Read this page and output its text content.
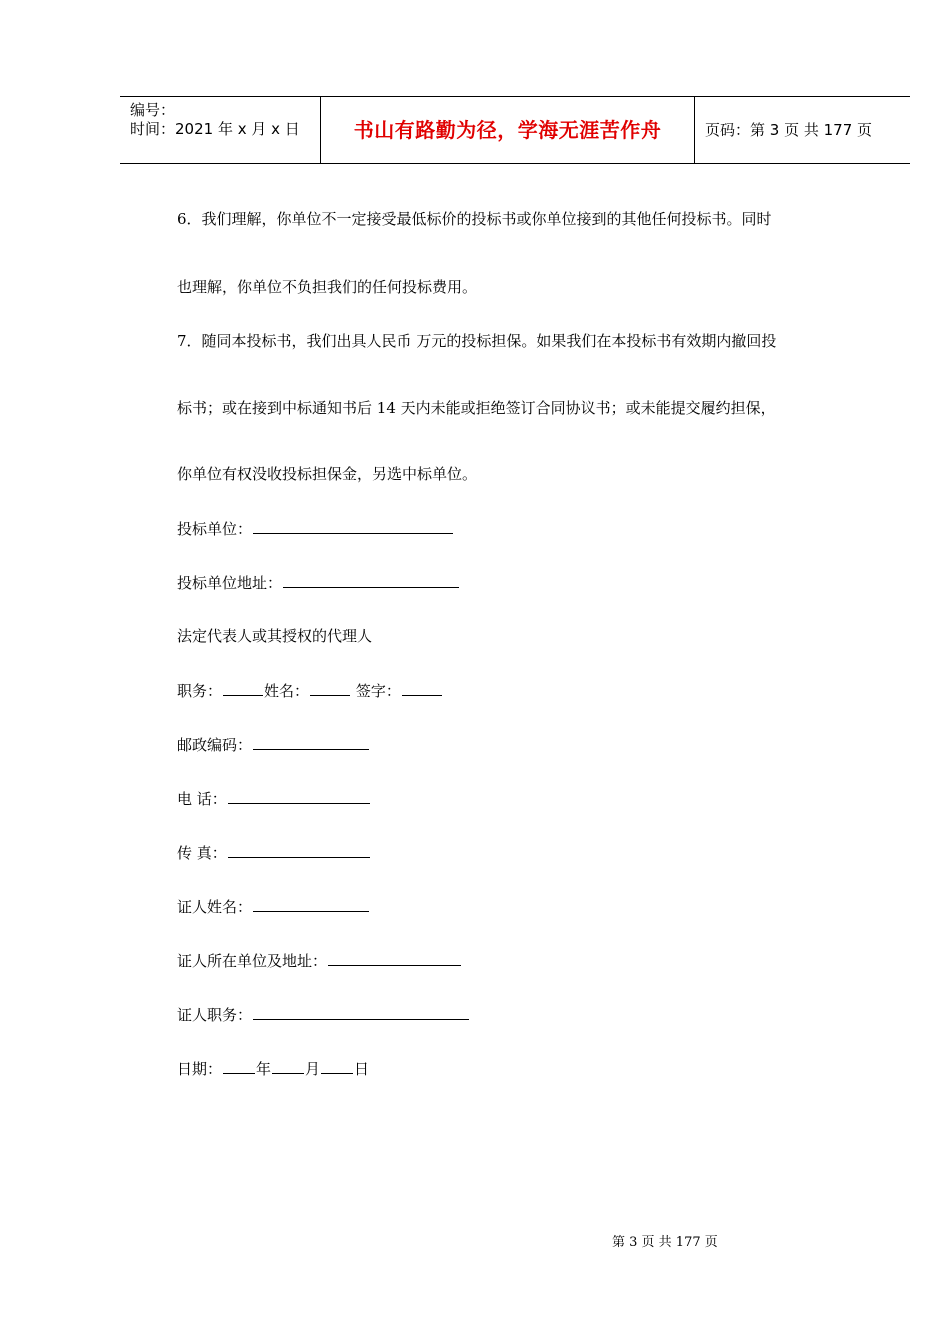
编号：
时间：2021 年 x 月 x 日	书山有路勤为径，学海无涯苦作舟	页码：第 3 页 共 177 页
6．我们理解，你单位不一定接受最低标价的投标书或你单位接到的其他任何投标书。同时
也理解，你单位不负担我们的任何投标费用。
7．随同本投标书，我们出具人民币 万元的投标担保。如果我们在本投标书有效期内撤回投
标书；或在接到中标通知书后 14 天内未能或拒绝签订合同协议书；或未能提交履约担保，
你单位有权没收投标担保金，另选中标单位。
投标单位：
投标单位地址：
法定代表人或其授权的代理人
职务：	姓名：	签字：
邮政编码：
电 话：
传 真：
证人姓名：
证人所在单位及地址：
证人职务：
日期： 年 月 日
第 3 页 共 177 页
